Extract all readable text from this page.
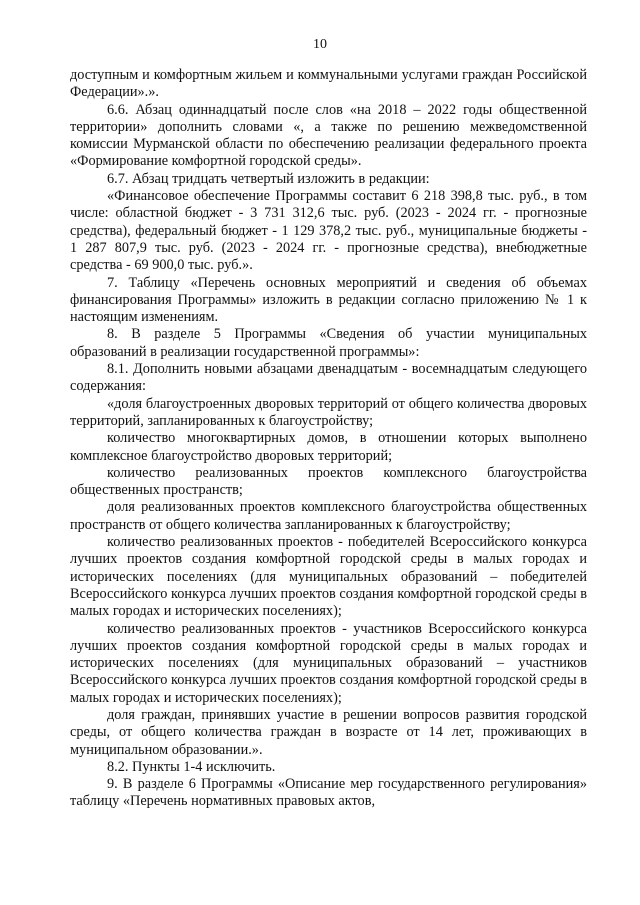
10

доступным и комфортным жильем и коммунальными услугами граждан Российской Федерации».».

6.6. Абзац одиннадцатый после слов «на 2018 – 2022 годы общественной территории» дополнить словами «, а также по решению межведомственной комиссии Мурманской области по обеспечению реализации федерального проекта «Формирование комфортной городской среды».

6.7. Абзац тридцать четвертый изложить в редакции:

«Финансовое обеспечение Программы составит 6 218 398,8 тыс. руб., в том числе: областной бюджет - 3 731 312,6 тыс. руб. (2023 - 2024 гг. - прогнозные средства), федеральный бюджет - 1 129 378,2 тыс. руб., муниципальные бюджеты - 1 287 807,9 тыс. руб. (2023 - 2024 гг. - прогнозные средства), внебюджетные средства - 69 900,0 тыс. руб.».

7. Таблицу «Перечень основных мероприятий и сведения об объемах финансирования Программы» изложить в редакции согласно приложению № 1 к настоящим изменениям.

8. В разделе 5 Программы «Сведения об участии муниципальных образований в реализации государственной программы»:

8.1. Дополнить новыми абзацами двенадцатым - восемнадцатым следующего содержания:

«доля благоустроенных дворовых территорий от общего количества дворовых территорий, запланированных к благоустройству;

количество многоквартирных домов, в отношении которых выполнено комплексное благоустройство дворовых территорий;

количество реализованных проектов комплексного благоустройства общественных пространств;

доля реализованных проектов комплексного благоустройства общественных пространств от общего количества запланированных к благоустройству;

количество реализованных проектов - победителей Всероссийского конкурса лучших проектов создания комфортной городской среды в малых городах и исторических поселениях (для муниципальных образований – победителей Всероссийского конкурса лучших проектов создания комфортной городской среды в малых городах и исторических поселениях);

количество реализованных проектов - участников Всероссийского конкурса лучших проектов создания комфортной городской среды в малых городах и исторических поселениях (для муниципальных образований – участников Всероссийского конкурса лучших проектов создания комфортной городской среды в малых городах и исторических поселениях);

доля граждан, принявших участие в решении вопросов развития городской среды, от общего количества граждан в возрасте от 14 лет, проживающих в муниципальном образовании.».

8.2. Пункты 1-4 исключить.

9. В разделе 6 Программы «Описание мер государственного регулирования» таблицу «Перечень нормативных правовых актов,
